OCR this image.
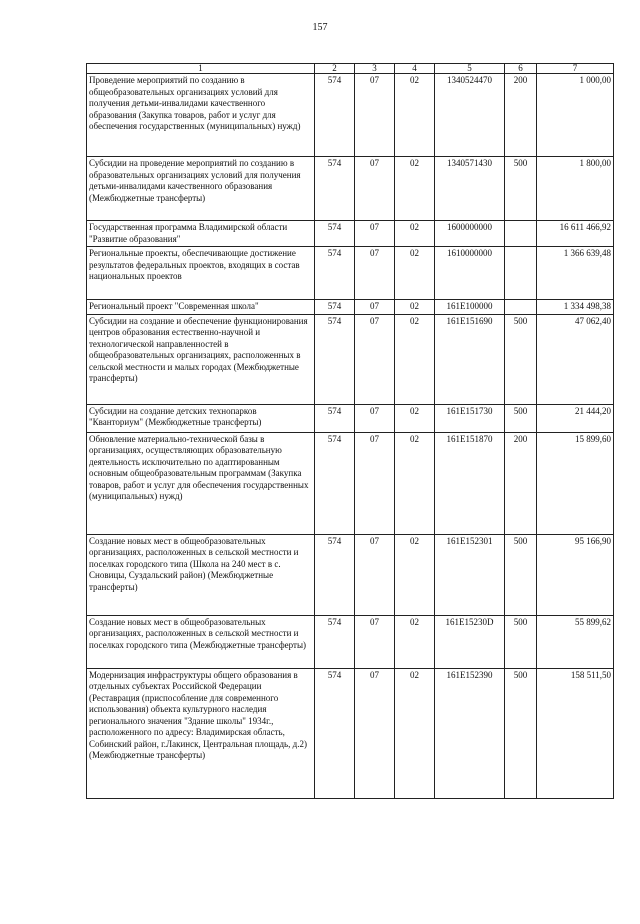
157
1	2	3	4	5	6	7
Проведение мероприятий по созданию в общеобразовательных организациях условий для получения детьми-инвалидами качественного образования (Закупка товаров, работ и услуг для обеспечения государственных (муниципальных) нужд)	574	07	02	1340524470	200	1 000,00
Субсидии на проведение мероприятий по созданию в образовательных организациях условий для получения детьми-инвалидами качественного образования (Межбюджетные трансферты)	574	07	02	1340571430	500	1 800,00
Государственная программа Владимирской области "Развитие образования"	574	07	02	1600000000		16 611 466,92
Региональные проекты, обеспечивающие достижение результатов федеральных проектов, входящих в состав национальных проектов	574	07	02	1610000000		1 366 639,48
Региональный проект "Современная школа"	574	07	02	161E100000		1 334 498,38
Субсидии на создание и обеспечение функционирования центров образования естественно-научной и технологической направленностей в общеобразовательных организациях, расположенных в сельской местности и малых городах (Межбюджетные трансферты)	574	07	02	161E151690	500	47 062,40
Субсидии на создание детских технопарков "Кванториум" (Межбюджетные трансферты)	574	07	02	161E151730	500	21 444,20
Обновление материально-технической базы в организациях, осуществляющих образовательную деятельность исключительно по адаптированным основным общеобразовательным программам (Закупка товаров, работ и услуг для обеспечения государственных (муниципальных) нужд)	574	07	02	161E151870	200	15 899,60
Создание новых мест в общеобразовательных организациях, расположенных в сельской местности и поселках городского типа (Школа на 240 мест в с. Сновицы, Суздальский район) (Межбюджетные трансферты)	574	07	02	161E152301	500	95 166,90
Создание новых мест в общеобразовательных организациях, расположенных в сельской местности и поселках городского типа (Межбюджетные трансферты)	574	07	02	161E15230D	500	55 899,62
Модернизация инфраструктуры общего образования в отдельных субъектах Российской Федерации (Реставрация (приспособление для современного использования) объекта культурного наследия регионального значения "Здание школы" 1934г., расположенного по адресу: Владимирская область, Собинский район, г.Лакинск, Центральная площадь, д.2) (Межбюджетные трансферты)	574	07	02	161E152390	500	158 511,50
